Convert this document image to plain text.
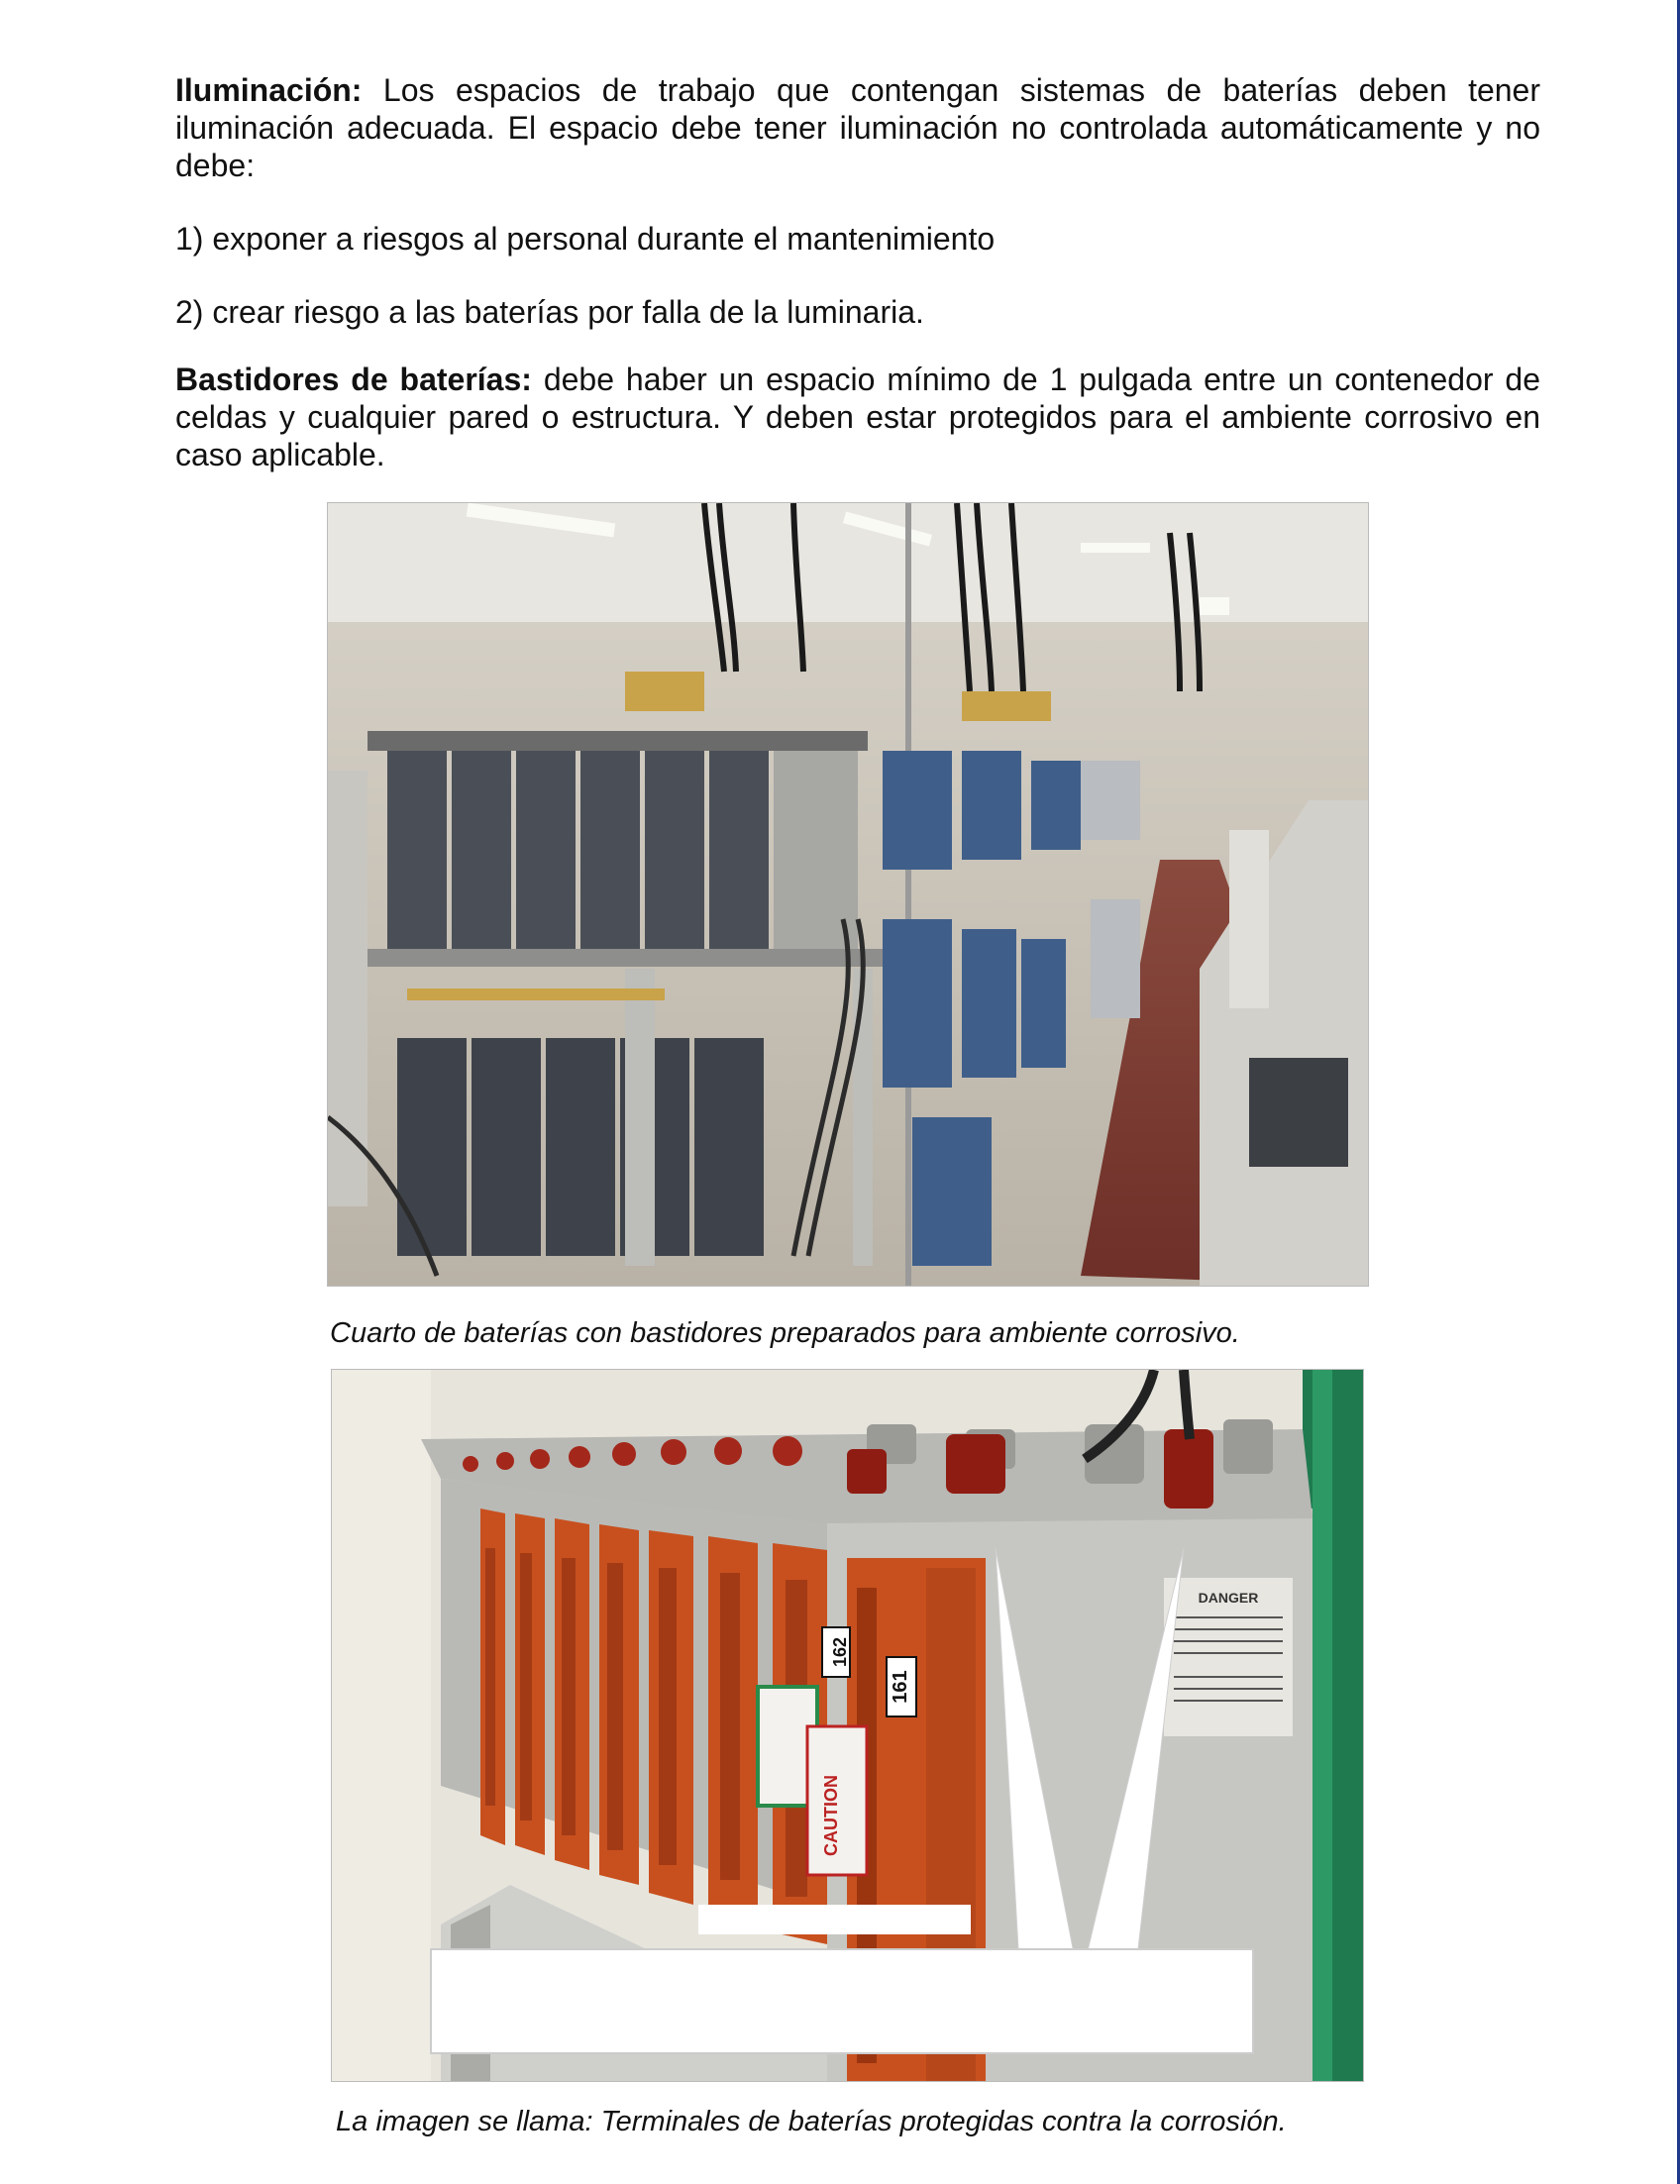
Iluminación: Los espacios de trabajo que contengan sistemas de baterías deben tener iluminación adecuada. El espacio debe tener iluminación no controlada automáticamente y no debe:

1) exponer a riesgos al personal durante el mantenimiento

2) crear riesgo a las baterías por falla de la luminaria.

Bastidores de baterías: debe haber un espacio mínimo de 1 pulgada entre un contenedor de celdas y cualquier pared o estructura. Y deben estar protegidos para el ambiente corrosivo en caso aplicable.

Cuarto de baterías con bastidores preparados para ambiente corrosivo.
CAUTION
162
161
DANGER
La imagen se llama: Terminales de baterías protegidas contra la corrosión.
